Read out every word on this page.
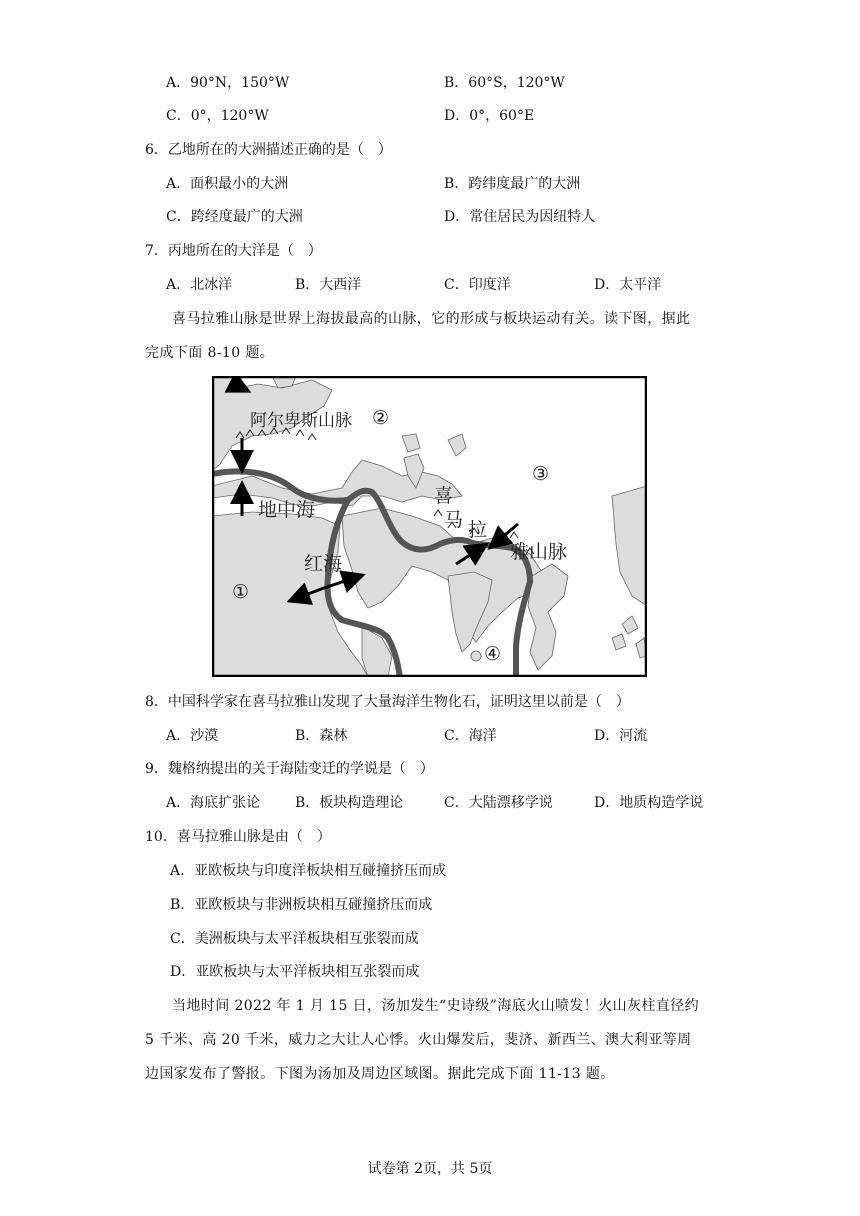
A．90°N，150°W	B．60°S，120°W
C．0°，120°W	D．0°，60°E
6．乙地所在的大洲描述正确的是（　）
A．面积最小的大洲	B．跨纬度最广的大洲
C．跨经度最广的大洲	D．常住居民为因纽特人
7．丙地所在的大洋是（　）
A．北冰洋	B．大西洋	C．印度洋	D．太平洋
喜马拉雅山脉是世界上海拔最高的山脉，它的形成与板块运动有关。读下图，据此
完成下面 8-10 题。
阿尔卑斯山脉
地中海
红海
喜
马 拉
雅山脉
①
②
③
④
8．中国科学家在喜马拉雅山发现了大量海洋生物化石，证明这里以前是（　）
A．沙漠	B．森林	C．海洋	D．河流
9．魏格纳提出的关于海陆变迁的学说是（　）
A．海底扩张论 B．板块构造理论	C．大陆漂移学说	D．地质构造学说
10．喜马拉雅山脉是由（　）
A．亚欧板块与印度洋板块相互碰撞挤压而成
B．亚欧板块与非洲板块相互碰撞挤压而成
C．美洲板块与太平洋板块相互张裂而成
D．亚欧板块与太平洋板块相互张裂而成
当地时间 2022 年 1 月 15 日，汤加发生“史诗级”海底火山喷发！火山灰柱直径约
5 千米、高 20 千米，威力之大让人心悸。火山爆发后，斐济、新西兰、澳大利亚等周
边国家发布了警报。下图为汤加及周边区域图。据此完成下面 11-13 题。
试卷第 2页，共 5页
